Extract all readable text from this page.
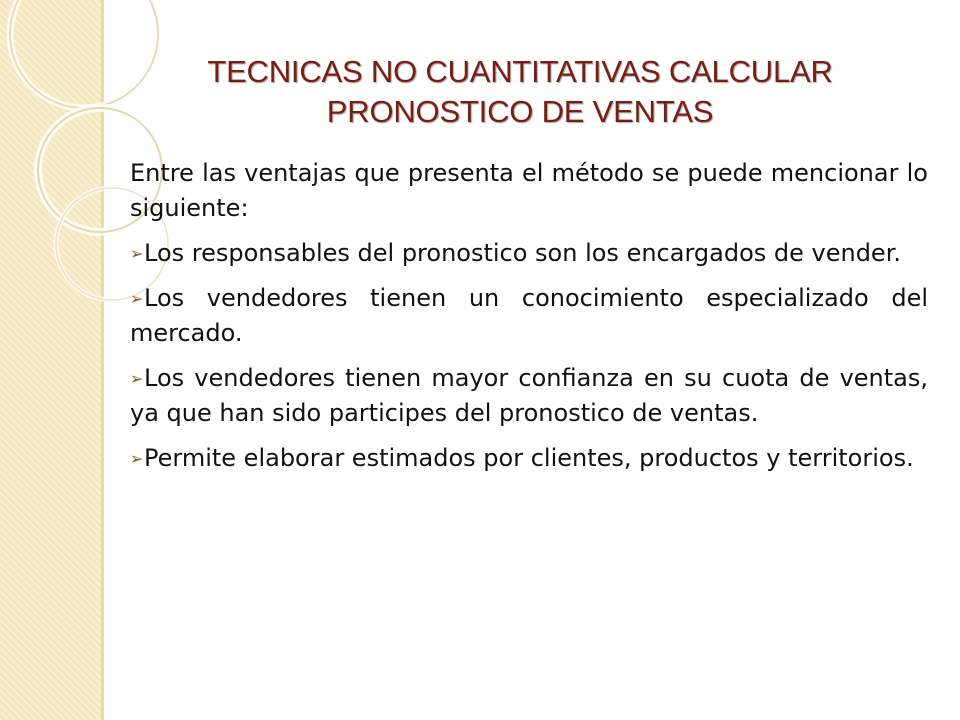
TECNICAS NO CUANTITATIVAS CALCULAR
PRONOSTICO DE VENTAS

Entre las ventajas que presenta el método se puede mencionar lo siguiente:

➢Los responsables del pronostico son los encargados de vender.
➢Los vendedores tienen un conocimiento especializado del mercado.
➢Los vendedores tienen mayor confianza en su cuota de ventas, ya que han sido participes del pronostico de ventas.
➢Permite elaborar estimados por clientes, productos y territorios.
